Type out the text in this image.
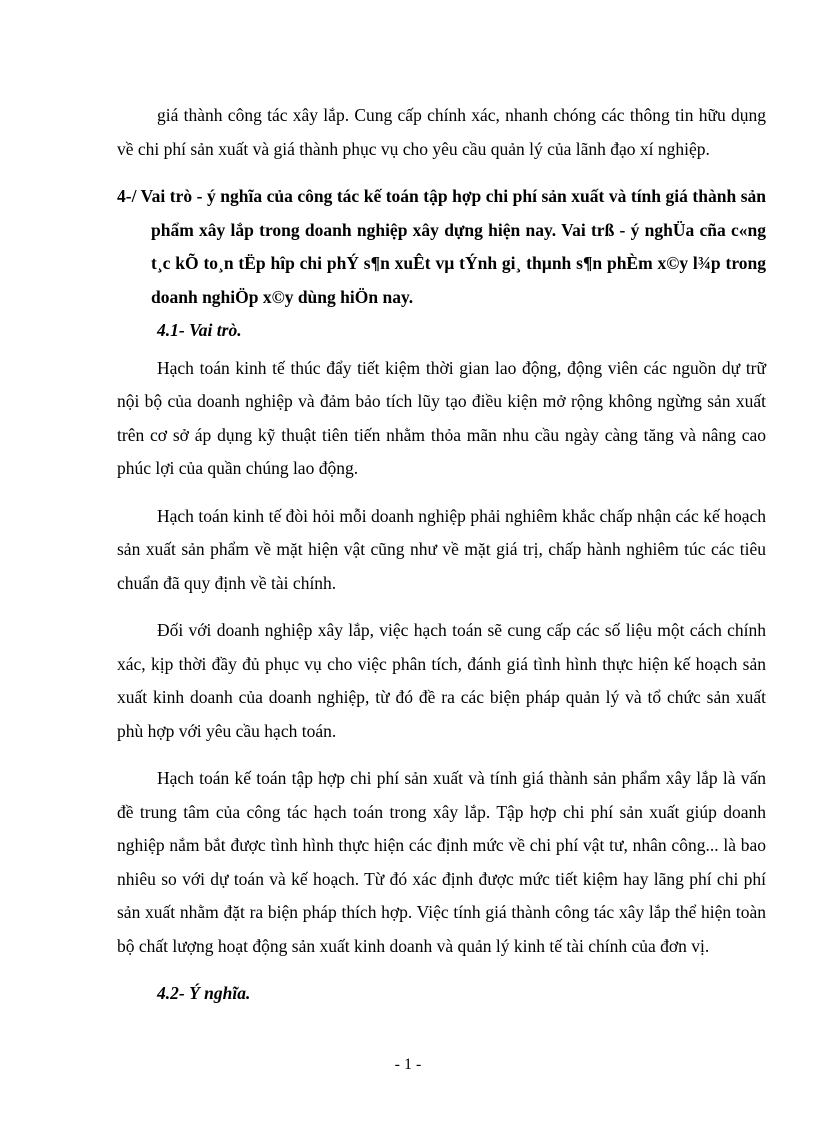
giá thành công tác xây lắp. Cung cấp chính xác, nhanh chóng các thông tin hữu dụng về chi phí sản xuất và giá thành phục vụ cho yêu cầu quản lý của lãnh đạo xí nghiệp.

4-/ Vai trò - ý nghĩa của công tác kế toán tập hợp chi phí sản xuất và tính giá thành sản phẩm xây lắp trong doanh nghiệp xây dựng hiện nay. Vai trß - ý nghÜa cña c«ng t¸c kÕ to¸n tËp hîp chi phÝ s¶n xuÊt vµ tÝnh gi¸ thµnh s¶n phÈm x©y l¾p trong doanh nghiÖp x©y dùng hiÖn nay.

4.1- Vai trò.

Hạch toán kinh tế thúc đẩy tiết kiệm thời gian lao động, động viên các nguồn dự trữ nội bộ của doanh nghiệp và đảm bảo tích lũy tạo điều kiện mở rộng không ngừng sản xuất trên cơ sở áp dụng kỹ thuật tiên tiến nhằm thỏa mãn nhu cầu ngày càng tăng và nâng cao phúc lợi của quần chúng lao động.

Hạch toán kinh tế đòi hỏi mỗi doanh nghiệp phải nghiêm khắc chấp nhận các kế hoạch sản xuất sản phẩm về mặt hiện vật cũng như về mặt giá trị, chấp hành nghiêm túc các tiêu chuẩn đã quy định về tài chính.

Đối với doanh nghiệp xây lắp, việc hạch toán sẽ cung cấp các số liệu một cách chính xác, kịp thời đầy đủ phục vụ cho việc phân tích, đánh giá tình hình thực hiện kế hoạch sản xuất kinh doanh của doanh nghiệp, từ đó đề ra các biện pháp quản lý và tổ chức sản xuất phù hợp với yêu cầu hạch toán.

Hạch toán kế toán tập hợp chi phí sản xuất và tính giá thành sản phẩm xây lắp là vấn đề trung tâm của công tác hạch toán trong xây lắp. Tập hợp chi phí sản xuất giúp doanh nghiệp nắm bắt được tình hình thực hiện các định mức về chi phí vật tư, nhân công... là bao nhiêu so với dự toán và kế hoạch. Từ đó xác định được mức tiết kiệm hay lãng phí chi phí sản xuất nhằm đặt ra biện pháp thích hợp. Việc tính giá thành công tác xây lắp thể hiện toàn bộ chất lượng hoạt động sản xuất kinh doanh và quản lý kinh tế tài chính của đơn vị.

4.2- Ý nghĩa.

- 1 -
